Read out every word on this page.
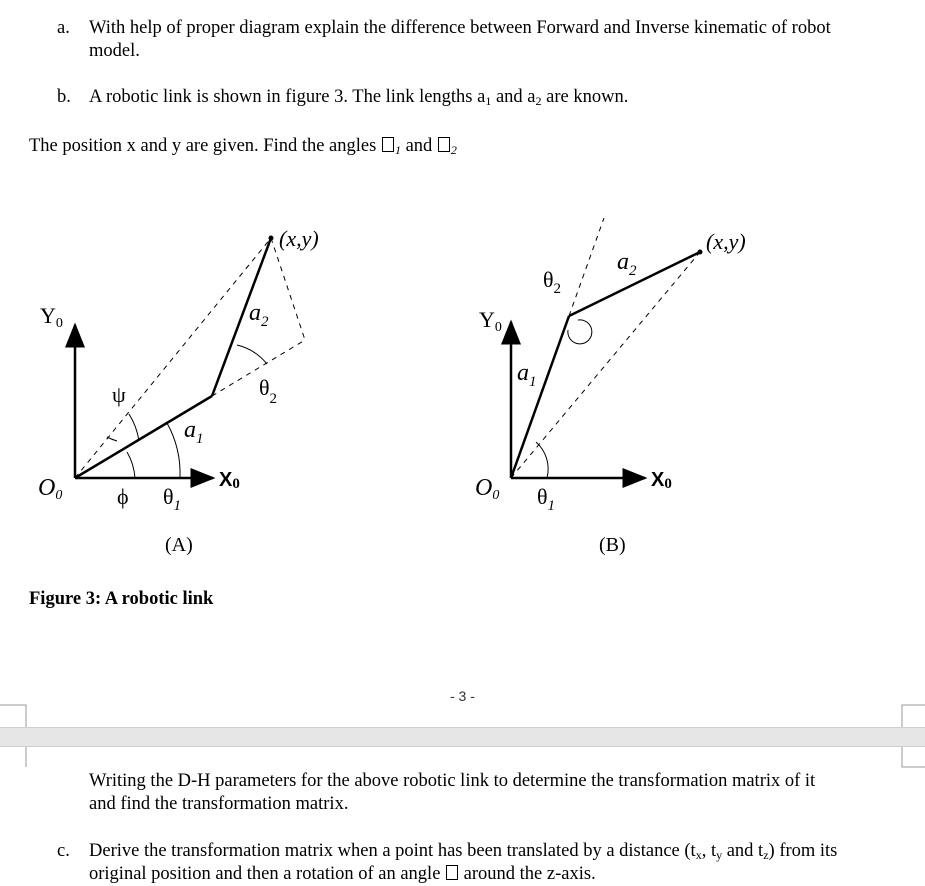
a. With help of proper diagram explain the difference between Forward and Inverse kinematic of robot
model.
b. A robotic link is shown in figure 3. The link lengths a1 and a2 are known.
The position x and y are given. Find the angles $_1$ and $_2$
(x,y)
Y0
X0
O0
$a_1$
$a_2$
$\theta_2$
ϕ $\theta_1$
ψ
(A)
(x,y)
Y0
X0
O0
$a_1$
$a_2$
$\theta_2$
$\theta_1$
(B)
Figure 3: A robotic link
- 3 -
Writing the D-H parameters for the above robotic link to determine the transformation matrix of it
and find the transformation matrix.
c. Derive the transformation matrix when a point has been translated by a distance (tx, ty and tz) from its
original position and then a rotation of an angle  around the z-axis.
